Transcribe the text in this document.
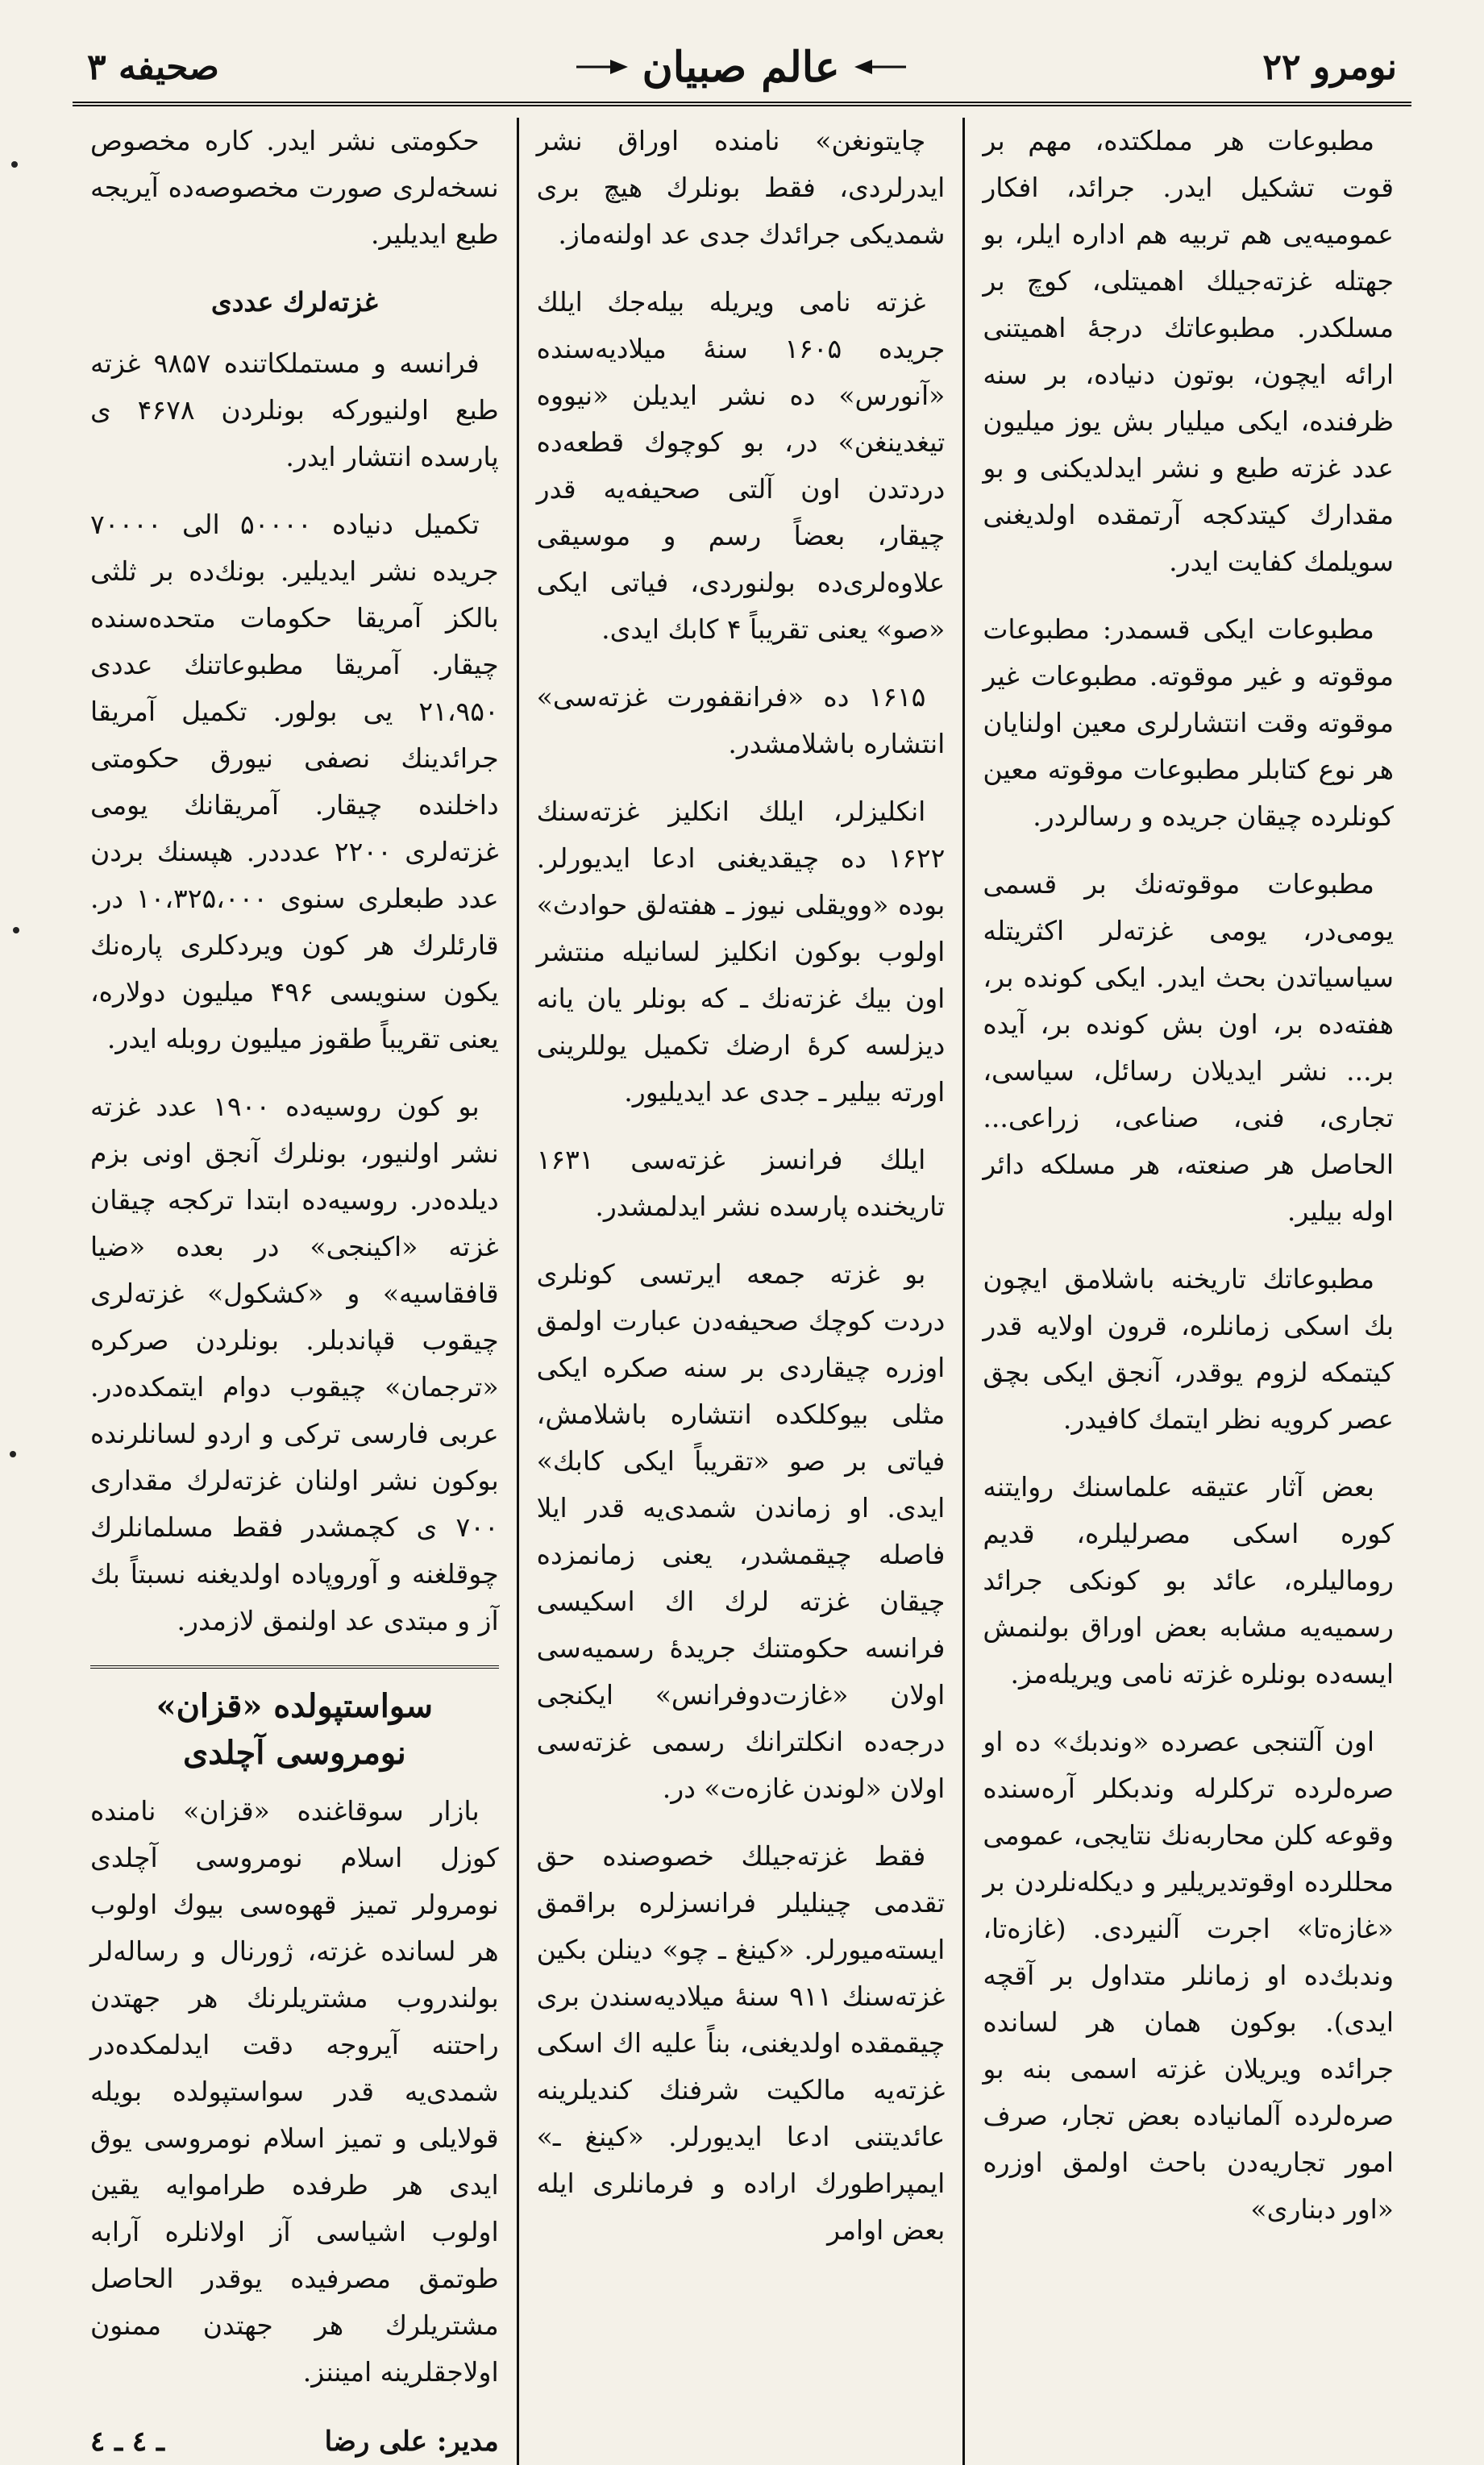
نومرو ۲۲
عالم صبيان
صحيفه ۳

مطبوعات هر مملكتده، مهم بر قوت تشكيل ايدر. جرائد، افكار عموميه‌يى هم تربيه هم اداره ايلر، بو جهتله غزته‌جيلك اهميتلى، كوچ بر مسلكدر. مطبوعاتك درجهٔ اهميتنى ارائه ايچون، بوتون دنياده، بر سنه ظرفنده، ايكى ميليار بش يوز ميليون عدد غزته طبع و نشر ايدلديكنى و بو مقدارك كيتدكجه آرتمقده اولديغنى سويلمك كفايت ايدر.

مطبوعات ايكى قسمدر: مطبوعات موقوته و غير موقوته. مطبوعات غير موقوته وقت انتشارلرى معين اولنايان هر نوع كتابلر مطبوعات موقوته معين كونلرده چيقان جريده و رسالردر.

مطبوعات موقوته‌نك بر قسمى يومى‌در، يومى غزته‌لر اكثريتله سياسياتدن بحث ايدر. ايكى كونده بر، هفته‌ده بر، اون بش كونده بر، آيده بر... نشر ايديلان رسائل، سياسى، تجارى، فنى، صناعى، زراعى... الحاصل هر صنعته، هر مسلكه دائر اوله بيلير.

مطبوعاتك تاريخنه باشلامق ايچون بك اسكى زمانلره، قرون اولايه قدر كيتمكه لزوم يوقدر، آنجق ايكى بچق عصر كرويه نظر ايتمك كافيدر.

بعض آثار عتيقه علماسنك روايتنه كوره اسكى مصرليلره، قديم روماليلره، عائد بو كونكى جرائد رسميه‌يه مشابه بعض اوراق بولنمش ايسه‌ده بونلره غزته نامى ويريله‌مز.

اون آلتنجى عصرده «وندبك» ده او صره‌لرده تركلرله وندبكلر آره‌سنده وقوعه كلن محاربه‌نك نتايجى، عمومى محللرده اوقوتديريلير و ديكله‌نلردن بر «غازه‌تا» اجرت آلنيردى. (غازه‌تا، وندبك‌ده او زمانلر متداول بر آقچه ايدى). بوكون همان هر لسانده جرائده ويريلان غزته اسمى بنه بو صره‌لرده آلمانياده بعض تجار، صرف امور تجاريه‌دن باحث اولمق اوزره «اور دبنارى»

چايتونغن» نامنده اوراق نشر ايدرلردى، فقط بونلرك هيچ برى شمديكى جرائدك جدى عد اولنه‌ماز.

غزته نامى ويريله بيله‌جك ايلك جريده ۱۶۰۵ سنهٔ ميلاديه‌سنده «آنورس» ده نشر ايديلن «نيووه تيغدينغن» در، بو كوچوك قطعه‌ده دردتدن اون آلتى صحيفه‌يه قدر چيقار، بعضاً رسم و موسيقى علاوه‌لرى‌ده بولنوردى، فياتى ايكى «صو» يعنى تقريباً ۴ كابك ايدى.

۱۶۱۵ ده «فرانقفورت غزته‌سى» انتشاره باشلامشدر.

انكليزلر، ايلك انكليز غزته‌سنك ۱۶۲۲ ده چيقديغنى ادعا ايديورلر. بوده «وويقلى نيوز ـ هفته‌لق حوادث» اولوب بوكون انكليز لسانيله منتشر اون بيك غزته‌نك ـ كه بونلر يان يانه ديزلسه كرهٔ ارضك تكميل يوللرينى اورته بيلير ـ جدى عد ايديليور.

ايلك فرانسز غزته‌سى ۱۶۳۱ تاريخنده پارسده نشر ايدلمشدر.

بو غزته جمعه ايرتسى كونلرى دردت كوچك صحيفه‌دن عبارت اولمق اوزره چيقاردى بر سنه صكره ايكى مثلى بيوكلكده انتشاره باشلامش، فياتى بر صو «تقريباً ايكى كابك» ايدى. او زماندن شمدى‌يه قدر ايلا فاصله چيقمشدر، يعنى زمانمزده چيقان غزته لرك اك اسكيسى فرانسه حكومتنك جريدهٔ رسميه‌سى اولان «غازت‌دوفرانس» ايكنجى درجه‌ده انكلترانك رسمى غزته‌سى اولان «لوندن غازه‌ت» در.

فقط غزته‌جيلك خصوصنده حق تقدمى چينليلر فرانسزلره براقمق ايسته‌ميورلر. «كينغ ـ چو» دينلن بكين غزته‌سنك ۹۱۱ سنهٔ ميلاديه‌سندن برى چيقمقده اولديغنى، بناً عليه اك اسكى غزته‌يه مالكيت شرفنك كنديلرينه عائديتنى ادعا ايديورلر. «كينغ ـ» ايمپراطورك اراده و فرمانلرى ايله بعض اوامر

حكومتى نشر ايدر. كاره مخصوص نسخه‌لرى صورت مخصوصه‌ده آيريجه طبع ايديلير.

غزته‌لرك عددى

فرانسه و مستملكاتنده ۹۸۵۷ غزته طبع اولنيوركه بونلردن ۴۶۷۸ ى پارسده انتشار ايدر.

تكميل دنياده ۵۰۰۰۰ الى ۷۰۰۰۰ جريده نشر ايديلير. بونك‌ده بر ثلثى بالكز آمريقا حكومات متحده‌سنده چيقار. آمريقا مطبوعاتنك عددى ۲۱،۹۵۰ يى بولور. تكميل آمريقا جرائدينك نصفى نيورق حكومتى داخلنده چيقار. آمريقانك يومى غزته‌لرى ۲۲۰۰ عدددر. هپسنك بردن عدد طبعلرى سنوى ۱۰،۳۲۵،۰۰۰ در. قارئلرك هر كون ويردكلرى پاره‌نك يكون سنويسى ۴۹۶ ميليون دولاره، يعنى تقريباً طقوز ميليون روبله ايدر.

بو كون روسيه‌ده ۱۹۰۰ عدد غزته نشر اولنيور، بونلرك آنجق اونى بزم ديلده‌در. روسيه‌ده ابتدا تركجه چيقان غزته «اكينجى» در بعده «ضيا قافقاسيه» و «كشكول» غزته‌لرى چيقوب قپاندبلر. بونلردن صركره «ترجمان» چيقوب دوام ايتمكده‌در. عربى فارسى تركى و اردو لسانلرنده بوكون نشر اولنان غزته‌لرك مقدارى ۷۰۰ ى كچمشدر فقط مسلمانلرك چوقلغنه و آوروپاده اولديغنه نسبتاً بك آز و مبتدى عد اولنمق لازمدر.

سواستپولده «قزان» نومروسى آچلدى

بازار سوقاغنده «قزان» نامنده كوزل اسلام نومروسى آچلدى نومرولر تميز قهوه‌سى بيوك اولوب هر لسانده غزته، ژورنال و رساله‌لر بولندروب مشتريلرنك هر جهتدن راحتنه آيروجه دقت ايدلمكده‌در شمدى‌يه قدر سواستپولده بويله قولايلى و تميز اسلام نومروسى يوق ايدى هر طرفده طراموايه يقين اولوب اشياسى آز اولانلره آرابه طوتمق مصرفيده يوقدر الحاصل مشتريلرك هر جهتدن ممنون اولاجقلرينه اميننز.

مدير: على رضا
ـ ٤ ـ ٤
